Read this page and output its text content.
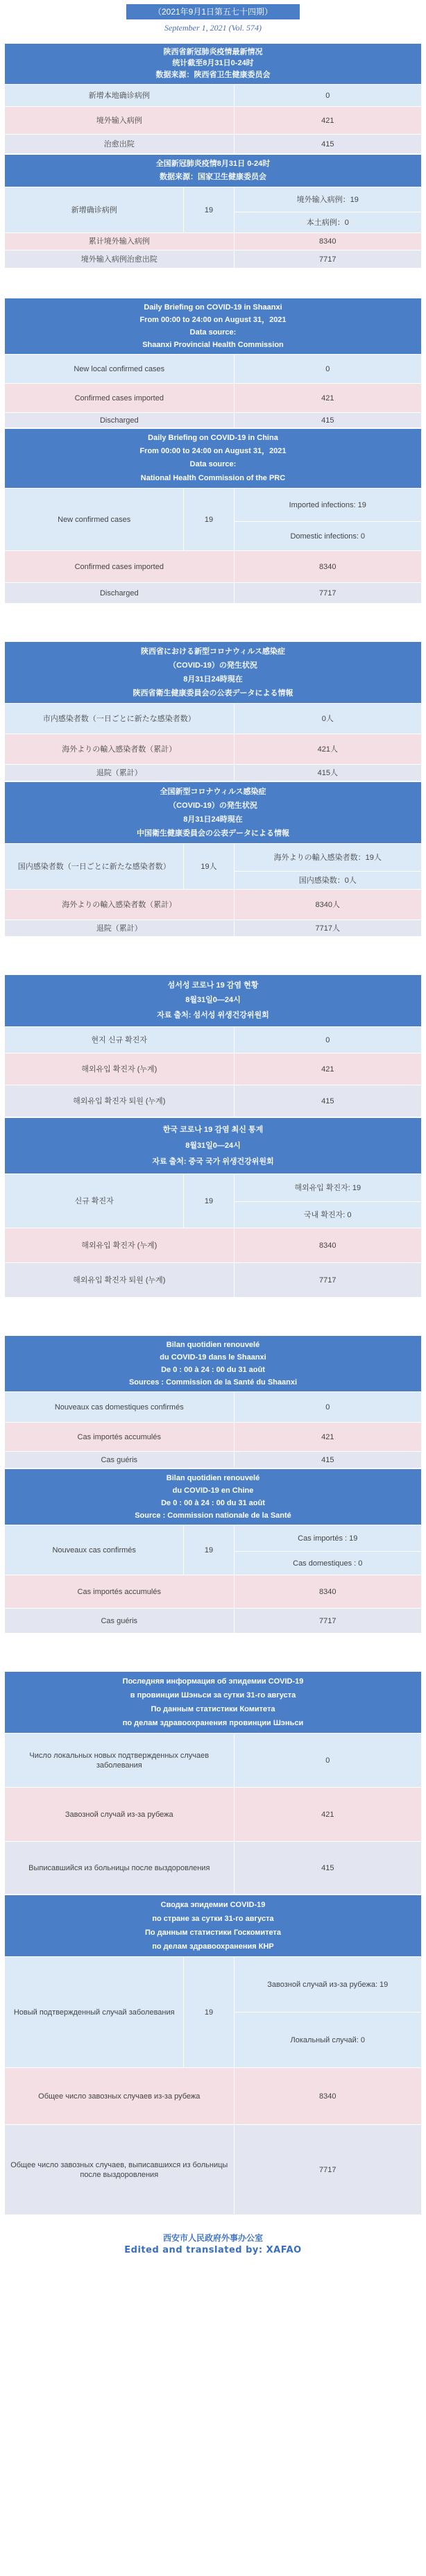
（2021年9月1日第五七十四期）
September 1, 2021 (Vol. 574)
陕西省新冠肺炎疫情最新情况
统计截至8月31日0-24时
数据来源：陕西省卫生健康委员会	

新增本地确诊病例	0
境外输入病例	421
治愈出院	415
全国新冠肺炎疫情8月31日 0-24时
数据来源：国家卫生健康委员会		

新增确诊病例	19	境外输入病例：19
		本土病例：0
累计境外输入病例		8340
境外输入病例治愈出院		7717
Daily Briefing on COVID-19 in Shaanxi
From 00:00 to 24:00 on August 31，2021
Data source:
Shaanxi Provincial Health Commission	

New local confirmed cases	0
Confirmed cases imported	421
Discharged	415
Daily Briefing on COVID-19 in China
From 00:00 to 24:00 on August 31，2021
Data source:
National Health Commission of the PRC		

New confirmed cases	19	Imported infections: 19
		Domestic infections: 0
Confirmed cases imported		8340
Discharged		7717
陝西省における新型コロナウィルス感染症
（COVID-19）の発生状況
8月31日24時現在
陝西省衛生健康委員会の公表データによる情報	

市内感染者数（一日ごとに新たな感染者数）	0人
海外よりの輸入感染者数（累計）	421人
退院（累計）	415人
全国新型コロナウィルス感染症
（COVID-19）の発生状況
8月31日24時現在
中国衛生健康委員会の公表データによる情報		

国内感染者数（一日ごとに新たな感染者数）	19人	海外よりの輸入感染者数：19人
		国内感染数：0人
海外よりの輸入感染者数（累計）		8340人
退院（累計）		7717人
섬서성 코로나 19 감염 현황
8월31일0—24시
자료 출처: 섬서성 위생건강위원회	

현지 신규 확진자	0
해외유입 확진자 (누계)	421
해외유입 확진자 퇴원 (누계)	415
한국 코로나 19 감염 최신 통계
8월31일0—24시
자료 출처: 중국 국가 위생건강위원회		

신규 확진자	19	해외유입 확진자: 19
		국내 확진자: 0
해외유입 확진자 (누계)		8340
해외유입 확진자 퇴원 (누계)		7717
Bilan quotidien renouvelé
du COVID-19 dans le Shaanxi
De 0 : 00 à 24 : 00 du 31 août
Sources : Commission de la Santé du Shaanxi	

Nouveaux cas domestiques confirmés	0
Cas importés accumulés	421
Cas guéris	415
Bilan quotidien renouvelé
du COVID-19 en Chine
De 0 : 00 à 24 : 00 du 31 août
Source : Commission nationale de la Santé		

Nouveaux cas confirmés	19	Cas importés : 19
		Cas domestiques : 0
Cas importés accumulés		8340
Cas guéris		7717
Последняя информация об эпидемии COVID-19
в провинции Шэньси за сутки 31-го августа
По данным статистики Комитета
по делам здравоохранения провинции Шэньси	

Число локальных новых подтвержденных случаев заболевания	0
Завозной случай из-за рубежа	421
Выписавшийся из больницы после выздоровления	415
Сводка эпидемии COVID-19
по стране за сутки 31-го августа
По данным статистики Госкомитета
по делам здравоохранения КНР		

Новый подтвержденный случай заболевания	19	Завозной случай из-за рубежа: 19
		Локальный случай: 0
Общее число завозных случаев из-за рубежа		8340
Общее число завозных случаев, выписавшихся из больницы после выздоровления		7717
西安市人民政府外事办公室
Edited and translated by: XAFAO
